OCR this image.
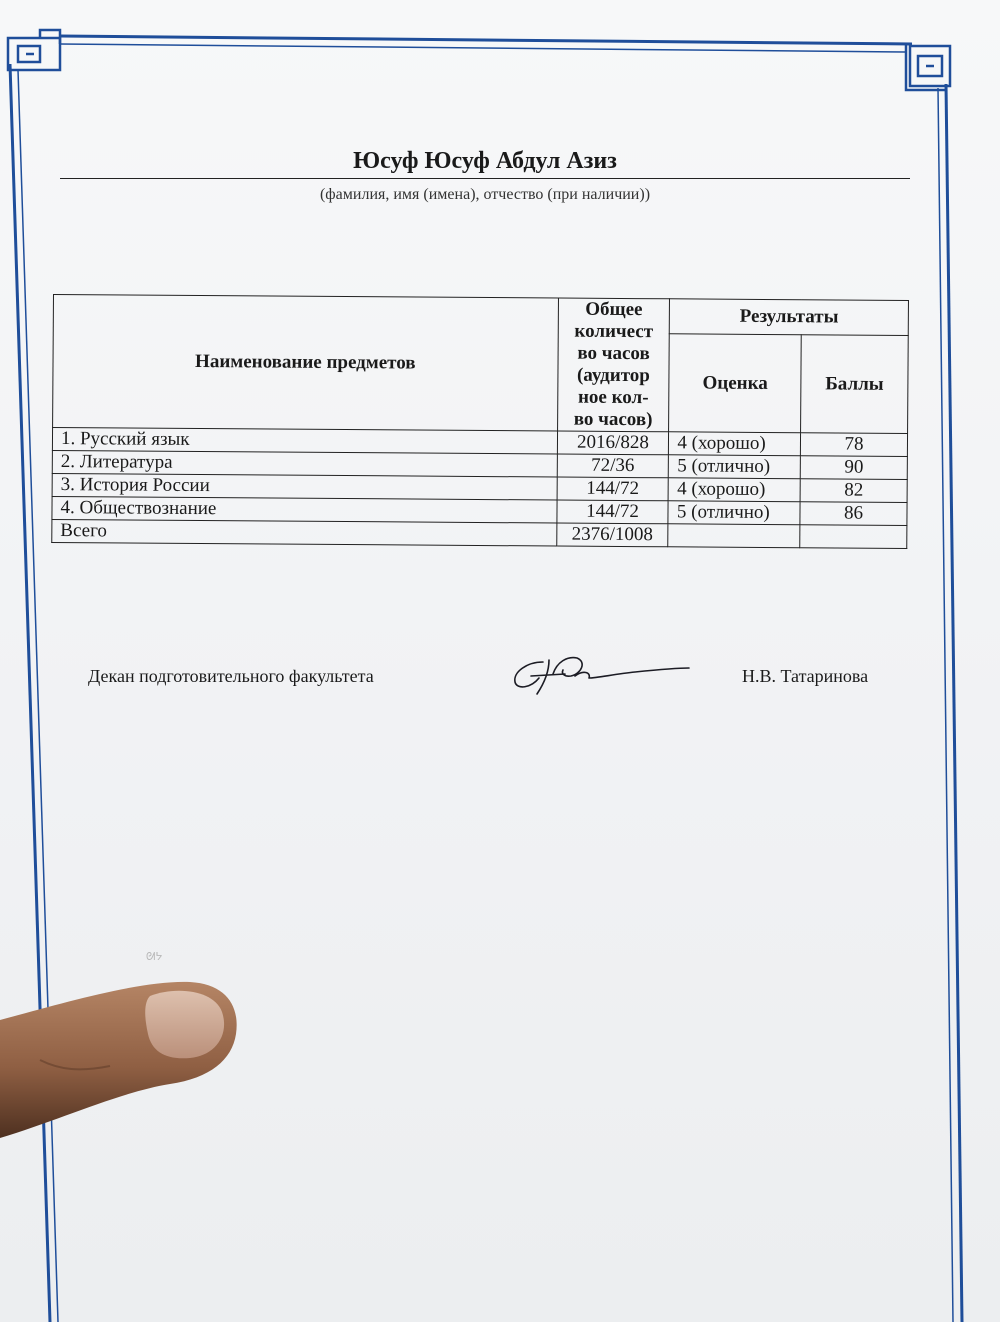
Юсуф Юсуф Абдул Азиз
(фамилия, имя (имена), отчество (при наличии))
Наименование предметов	Общее количест во часов (аудитор ное кол- во часов)	Результаты	
		Оценка	Баллы
1. Русский язык	2016/828	4 (хорошо)	78
2. Литература	72/36	5 (отлично)	90
3. История России	144/72	4 (хорошо)	82
4. Обществознание	144/72	5 (отлично)	86
Всего	2376/1008		
Декан подготовительного факультета	Н.В. Татаринова
ᘛᔭ
